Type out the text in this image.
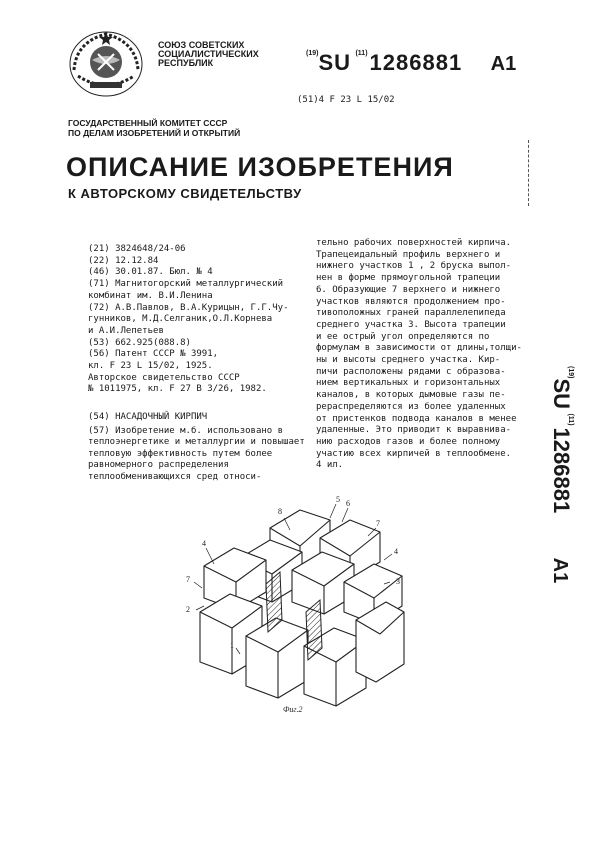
СОЮЗ СОВЕТСКИХ
СОЦИАЛИСТИЧЕСКИХ
РЕСПУБЛИК
$^{(19)}$SU $^{(11)}$1286881 A1
(51)4 F 23 L 15/02
ГОСУДАРСТВЕННЫЙ КОМИТЕТ СССР
ПО ДЕЛАМ ИЗОБРЕТЕНИЙ И ОТКРЫТИЙ
ОПИСАНИЕ ИЗОБРЕТЕНИЯ
К АВТОРСКОМУ СВИДЕТЕЛЬСТВУ
(21) 3824648/24-06
(22) 12.12.84
(46) 30.01.87. Бюл. № 4
(71) Магнитогорский металлургический
комбинат им. В.И.Ленина
(72) А.В.Павлов, В.А.Курицын, Г.Г.Чу-
гунников, М.Д.Селганик,О.Л.Корнева
и А.И.Лепетьев
(53) 662.925(088.8)
(56) Патент СССР № 3991,
кл. F 23 L 15/02, 1925.
Авторское свидетельство СССР
№ 1011975, кл. F 27 В 3/26, 1982.
(54) НАСАДОЧНЫЙ КИРПИЧ
(57) Изобретение м.б. использовано в теплоэнергетике и металлургии и повышает тепловую эффективность путем более равномерного распределения теплообменивающихся сред относи-
тельно рабочих поверхностей кирпича.
Трапецеидальный профиль верхнего и
нижнего участков 1 , 2 бруска выпол-
нен в форме прямоугольной трапеции
6. Образующие 7 верхнего и нижнего
участков являются продолжением про-
тивоположных граней параллелепипеда
среднего участка 3. Высота трапеции
и ее острый угол определяются по
формулам в зависимости от длины,толщи-
ны и высоты среднего участка. Кир-
пичи расположены рядами с образова-
нием вертикальных и горизонтальных
каналов, в которых дымовые газы пе-
рераспределяются из более удаленных
от пристенков подвода каналов в менее
удаленные. Это приводит к выравнива-
нию расходов газов и более полному
участию всех кирпичей в теплообмене.
4 ил.
$^{(19)}$SU $^{(11)}$1286881 A1
8
4
5 6
7
4
3
7
2
1
Фиг.2
